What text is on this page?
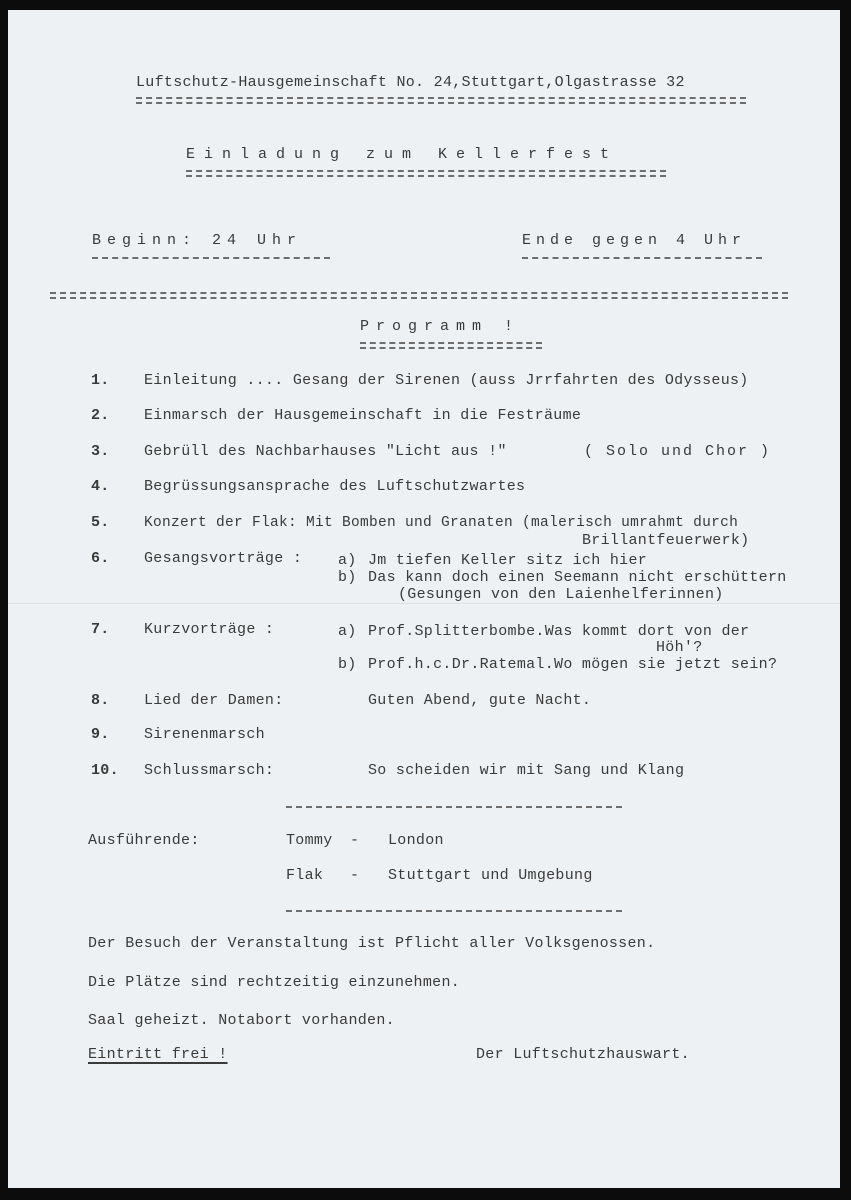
Luftschutz-Hausgemeinschaft No. 24,Stuttgart,Olgastrasse 32
Einladung zum Kellerfest
Beginn: 24 Uhr	Ende gegen 4 Uhr
Programm !
1. Einleitung .... Gesang der Sirenen (auss Jrrfahrten des Odysseus)
2. Einmarsch der Hausgemeinschaft in die Festräume
3. Gebrüll des Nachbarhauses "Licht aus !"	( Solo und Chor )
4. Begrüssungsansprache des Luftschutzwartes
5. Konzert der Flak: Mit Bomben und Granaten (malerisch umrahmt durch
Brillantfeuerwerk)
6. Gesangsvorträge : a) Jm tiefen Keller sitz ich hier
b) Das kann doch einen Seemann nicht erschüttern
(Gesungen von den Laienhelferinnen)
7. Kurzvorträge :	a) Prof.Splitterbombe.Was kommt dort von der
Höh'?
b) Prof.h.c.Dr.Ratemal.Wo mögen sie jetzt sein?
8. Lied der Damen:	Guten Abend, gute Nacht.
9. Sirenenmarsch
10. Schlussmarsch:	So scheiden wir mit Sang und Klang
Ausführende:	Tommy - London
Flak - Stuttgart und Umgebung
Der Besuch der Veranstaltung ist Pflicht aller Volksgenossen.
Die Plätze sind rechtzeitig einzunehmen.
Saal geheizt. Notabort vorhanden.
Eintritt frei !	Der Luftschutzhauswart.
